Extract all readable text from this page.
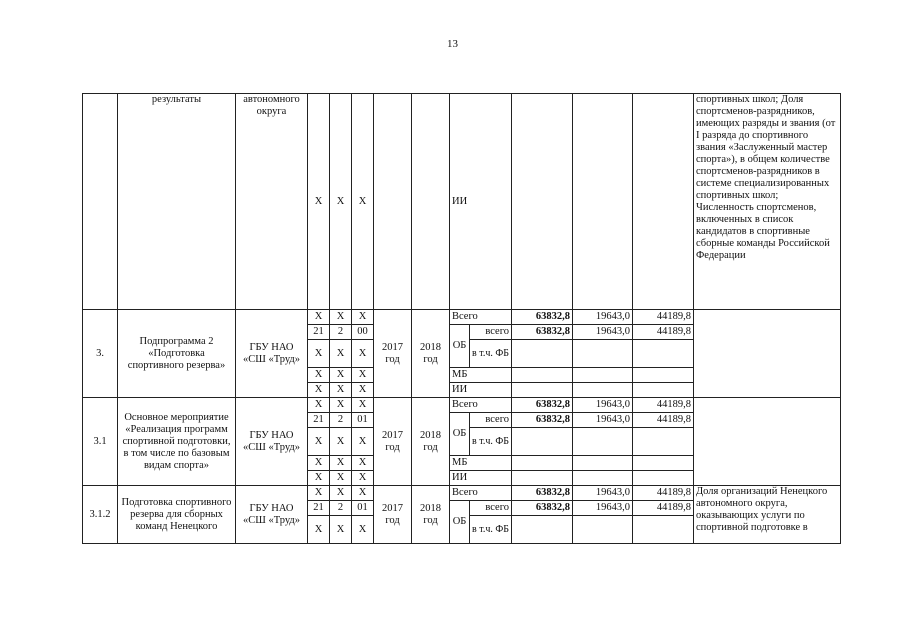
13
	результаты	автономного округа	Х	Х	Х			ИИ					спортивных школ; Доля спортсменов-разрядников, имеющих разряды и звания (от I разряда до спортивного звания «Заслуженный мастер спорта»), в общем количестве спортсменов-разрядников в системе специализированных спортивных школ; Численность спортсменов, включенных в список кандидатов в спортивные сборные команды Российской Федерации
3.	Подпрограмма 2 «Подготовка спортивного резерва»	ГБУ НАО «СШ «Труд»	Х	Х	Х	2017 год	2018 год	Всего		63832,8	19643,0	44189,8	
			21	2	00			ОБ	всего	63832,8	19643,0	44189,8	
			Х	Х	Х				в т.ч. ФБ				
			Х	Х	Х			МБ					
			Х	Х	Х			ИИ					
3.1	Основное мероприятие «Реализация программ спортивной подготовки, в том числе по базовым видам спорта»	ГБУ НАО «СШ «Труд»	Х	Х	Х	2017 год	2018 год	Всего		63832,8	19643,0	44189,8	
			21	2	01			ОБ	всего	63832,8	19643,0	44189,8	
			Х	Х	Х				в т.ч. ФБ				
			Х	Х	Х			МБ					
			Х	Х	Х			ИИ					
3.1.2	Подготовка спортивного резерва для сборных команд Ненецкого	ГБУ НАО «СШ «Труд»	Х	Х	Х	2017 год	2018 год	Всего		63832,8	19643,0	44189,8	Доля организаций Ненецкого автономного округа, оказывающих услуги по спортивной подготовке в
			21	2	01			ОБ	всего	63832,8	19643,0	44189,8	
			Х	Х	Х				в т.ч. ФБ				
